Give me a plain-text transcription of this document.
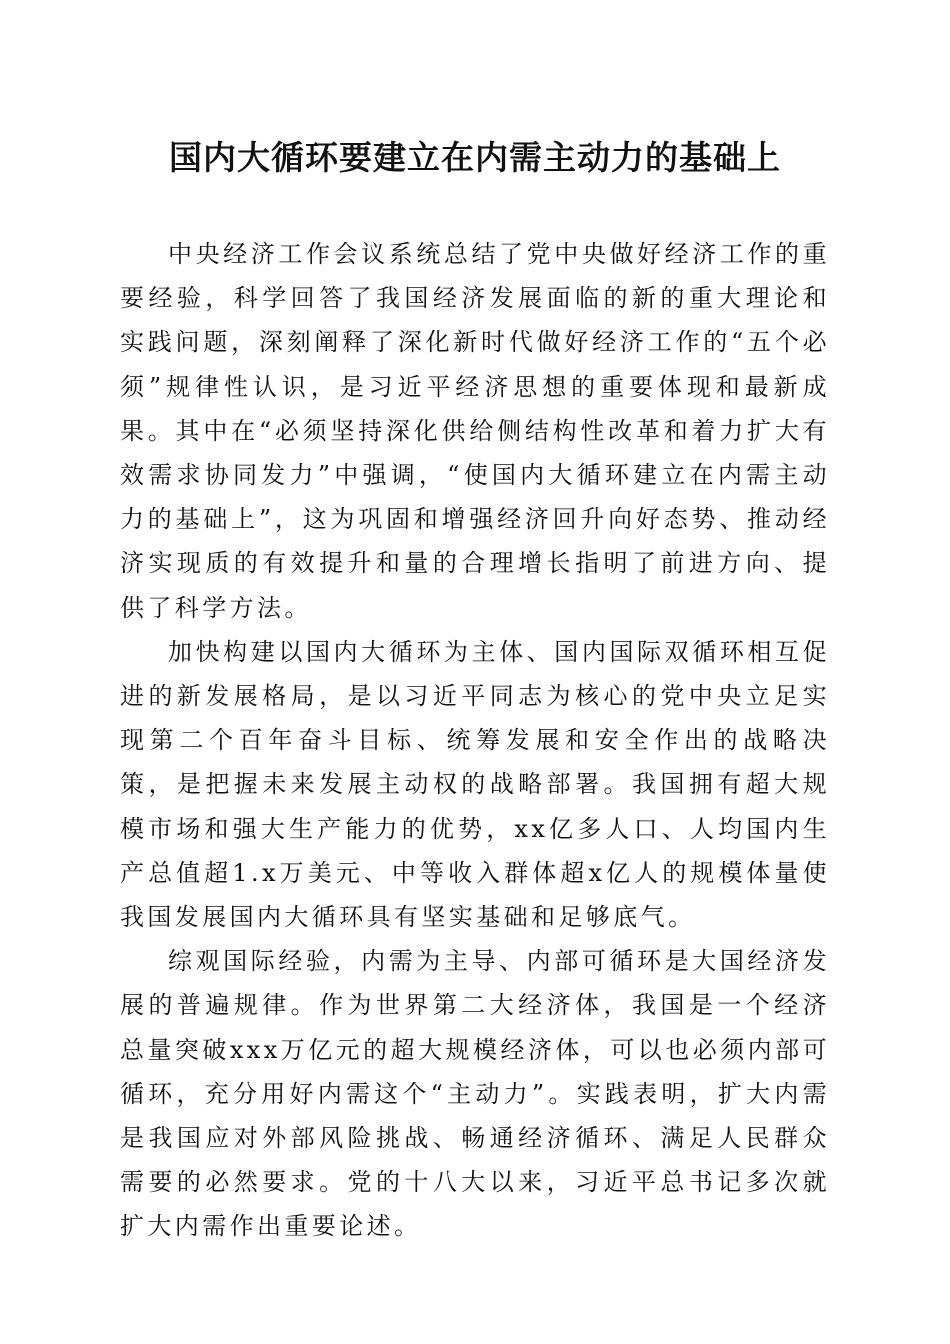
国内大循环要建立在内需主动力的基础上

中央经济工作会议系统总结了党中央做好经济工作的重要经验，科学回答了我国经济发展面临的新的重大理论和实践问题，深刻阐释了深化新时代做好经济工作的“五个必须”规律性认识，是习近平经济思想的重要体现和最新成果。其中在“必须坚持深化供给侧结构性改革和着力扩大有效需求协同发力”中强调，“使国内大循环建立在内需主动力的基础上”，这为巩固和增强经济回升向好态势、推动经济实现质的有效提升和量的合理增长指明了前进方向、提供了科学方法。

加快构建以国内大循环为主体、国内国际双循环相互促进的新发展格局，是以习近平同志为核心的党中央立足实现第二个百年奋斗目标、统筹发展和安全作出的战略决策，是把握未来发展主动权的战略部署。我国拥有超大规模市场和强大生产能力的优势，xx亿多人口、人均国内生产总值超1.x万美元、中等收入群体超x亿人的规模体量使我国发展国内大循环具有坚实基础和足够底气。

综观国际经验，内需为主导、内部可循环是大国经济发展的普遍规律。作为世界第二大经济体，我国是一个经济总量突破xxx万亿元的超大规模经济体，可以也必须内部可循环，充分用好内需这个“主动力”。实践表明，扩大内需是我国应对外部风险挑战、畅通经济循环、满足人民群众需要的必然要求。党的十八大以来，习近平总书记多次就扩大内需作出重要论述。
